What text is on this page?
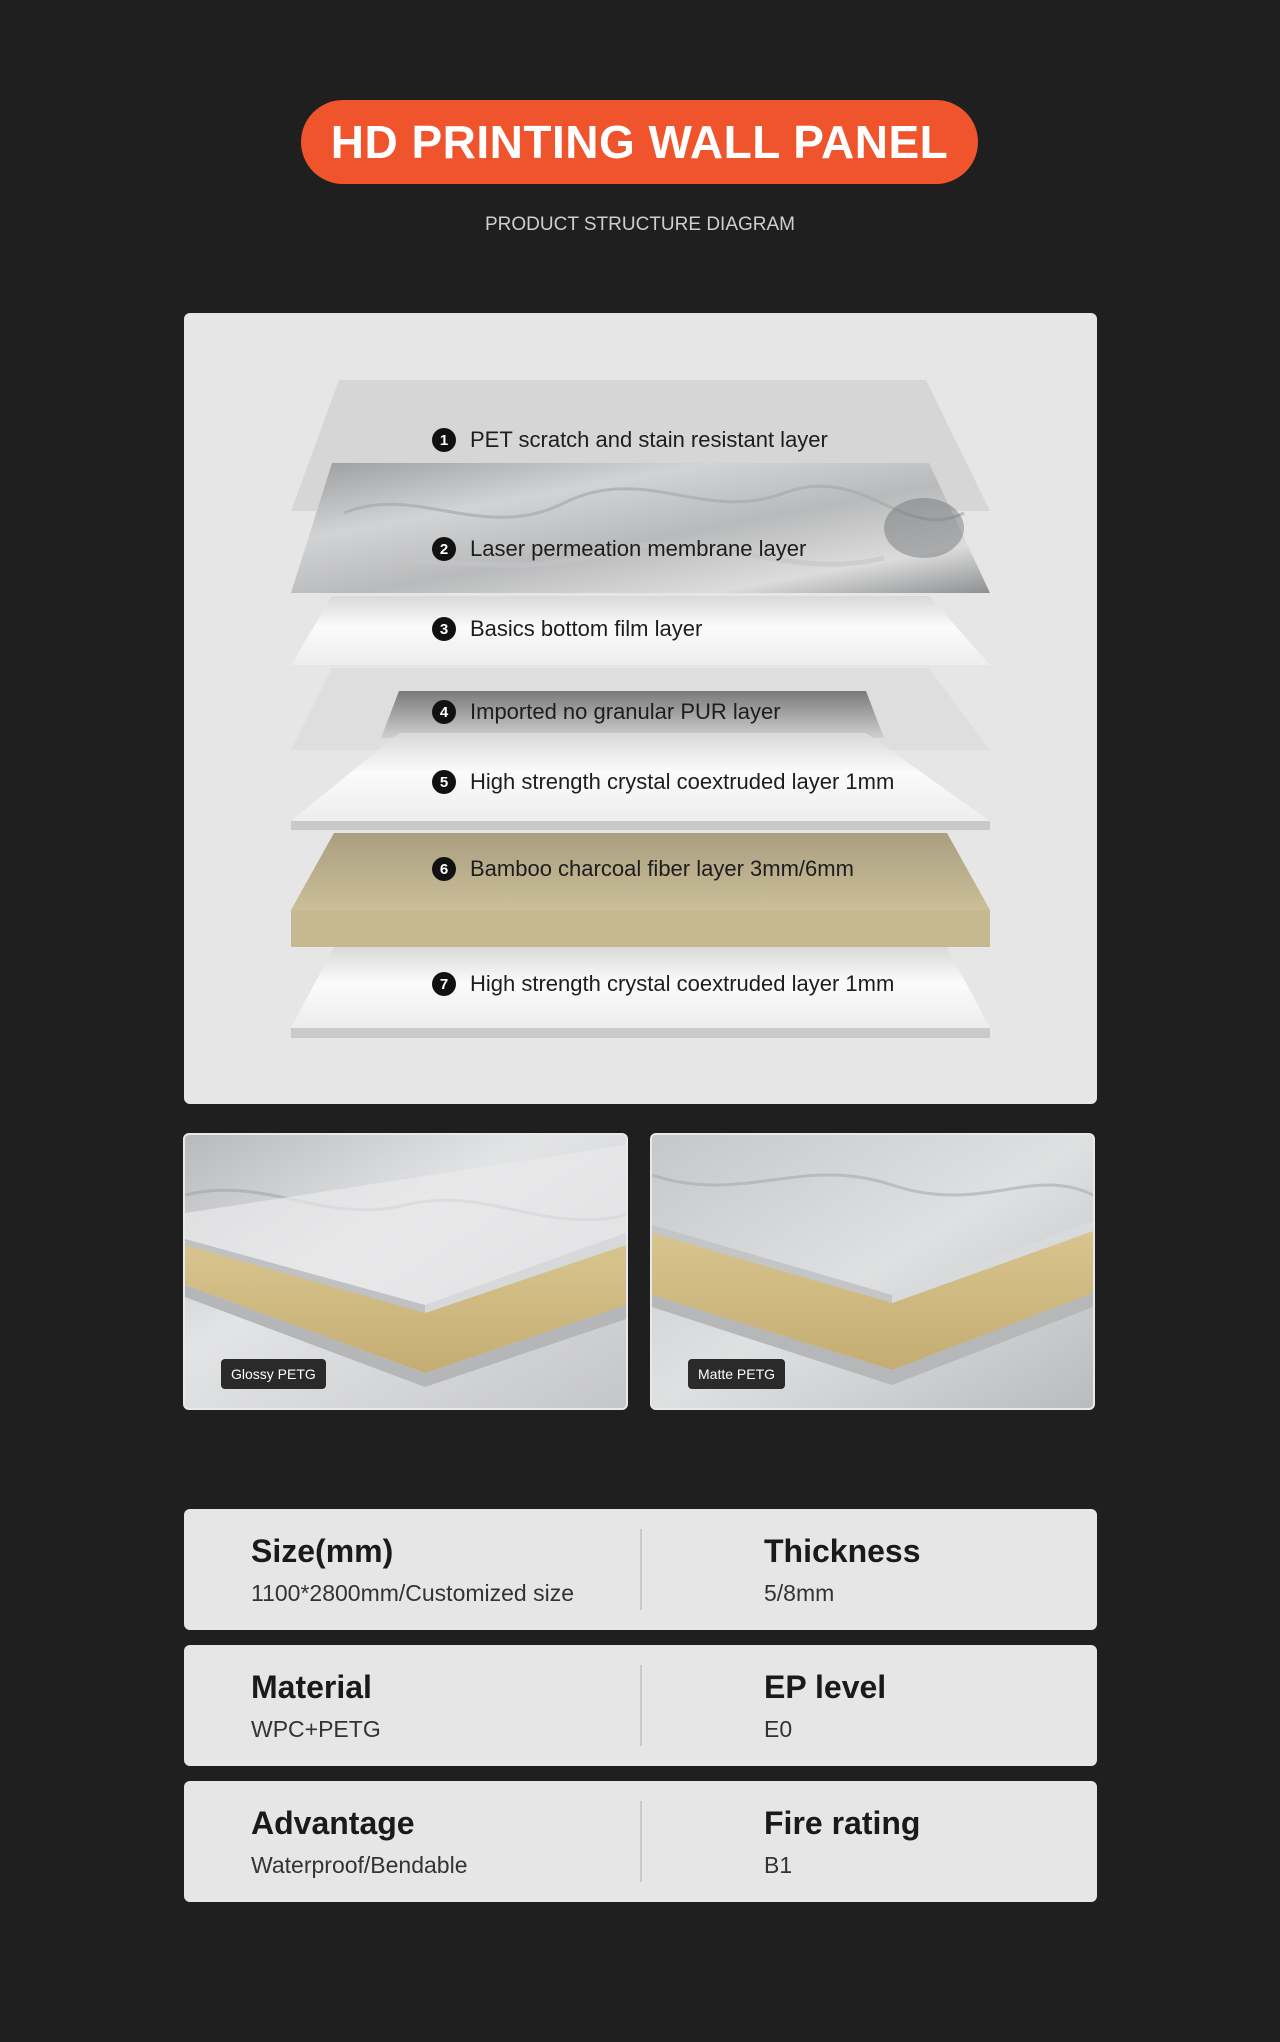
HD PRINTING WALL PANEL
PRODUCT STRUCTURE DIAGRAM
1 PET scratch and stain resistant layer
2 Laser permeation membrane layer
3 Basics bottom film layer
4 Imported no granular PUR layer
5 High strength crystal coextruded layer 1mm
6 Bamboo charcoal fiber layer 3mm/6mm
7 High strength crystal coextruded layer 1mm
Glossy PETG	Matte PETG
Size(mm)
1100*2800mm/Customized size
Thickness
5/8mm
Material
WPC+PETG
EP level
E0
Advantage
Waterproof/Bendable
Fire rating
B1
